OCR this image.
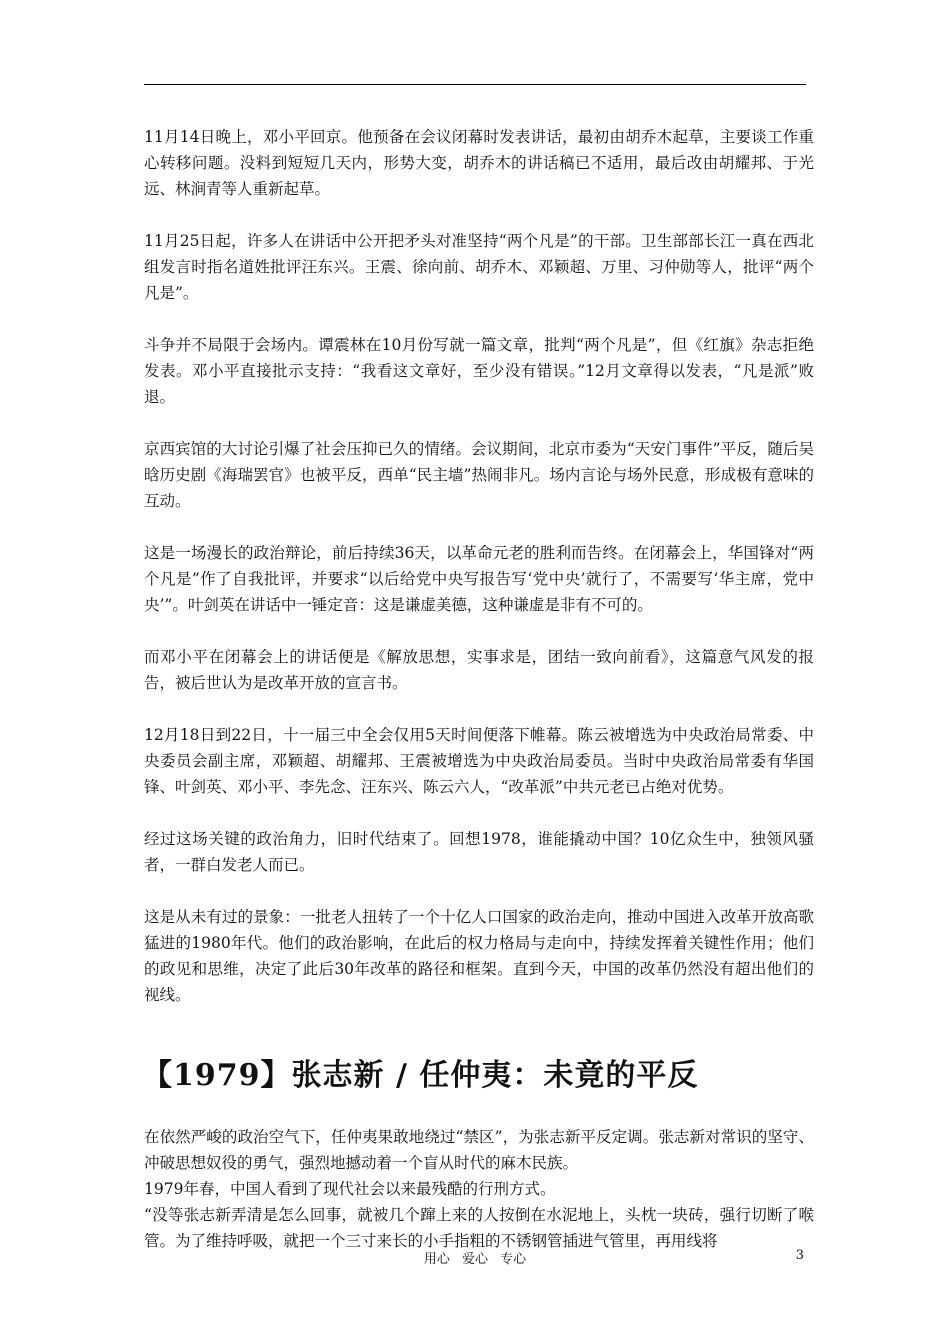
11月14日晚上，邓小平回京。他预备在会议闭幕时发表讲话，最初由胡乔木起草，主要谈工作重心转移问题。没料到短短几天内，形势大变，胡乔木的讲话稿已不适用，最后改由胡耀邦、于光远、林涧青等人重新起草。

11月25日起，许多人在讲话中公开把矛头对准坚持“两个凡是”的干部。卫生部部长江一真在西北组发言时指名道姓批评汪东兴。王震、徐向前、胡乔木、邓颖超、万里、习仲勋等人，批评“两个凡是”。

斗争并不局限于会场内。谭震林在10月份写就一篇文章，批判“两个凡是”，但《红旗》杂志拒绝发表。邓小平直接批示支持：“我看这文章好，至少没有错误。”12月文章得以发表，“凡是派”败退。

京西宾馆的大讨论引爆了社会压抑已久的情绪。会议期间，北京市委为“天安门事件”平反，随后吴晗历史剧《海瑞罢官》也被平反，西单“民主墙”热闹非凡。场内言论与场外民意，形成极有意味的互动。

这是一场漫长的政治辩论，前后持续36天，以革命元老的胜利而告终。在闭幕会上，华国锋对“两个凡是”作了自我批评，并要求“以后给党中央写报告写‘党中央’就行了，不需要写‘华主席，党中央’”。叶剑英在讲话中一锤定音：这是谦虚美德，这种谦虚是非有不可的。

而邓小平在闭幕会上的讲话便是《解放思想，实事求是，团结一致向前看》，这篇意气风发的报告，被后世认为是改革开放的宣言书。

12月18日到22日，十一届三中全会仅用5天时间便落下帷幕。陈云被增选为中央政治局常委、中央委员会副主席，邓颖超、胡耀邦、王震被增选为中央政治局委员。当时中央政治局常委有华国锋、叶剑英、邓小平、李先念、汪东兴、陈云六人，“改革派”中共元老已占绝对优势。

经过这场关键的政治角力，旧时代结束了。回想1978，谁能撬动中国？10亿众生中，独领风骚者，一群白发老人而已。

这是从未有过的景象：一批老人扭转了一个十亿人口国家的政治走向，推动中国进入改革开放高歌猛进的1980年代。他们的政治影响，在此后的权力格局与走向中，持续发挥着关键性作用；他们的政见和思维，决定了此后30年改革的路径和框架。直到今天，中国的改革仍然没有超出他们的视线。

【1979】张志新 / 任仲夷：未竟的平反

在依然严峻的政治空气下，任仲夷果敢地绕过“禁区”，为张志新平反定调。张志新对常识的坚守、冲破思想奴役的勇气，强烈地撼动着一个盲从时代的麻木民族。

1979年春，中国人看到了现代社会以来最残酷的行刑方式。

“没等张志新弄清是怎么回事，就被几个蹿上来的人按倒在水泥地上，头枕一块砖，强行切断了喉管。为了维持呼吸，就把一个三寸来长的小手指粗的不锈钢管插进气管里，再用线将

用心 爱心 专心	3
